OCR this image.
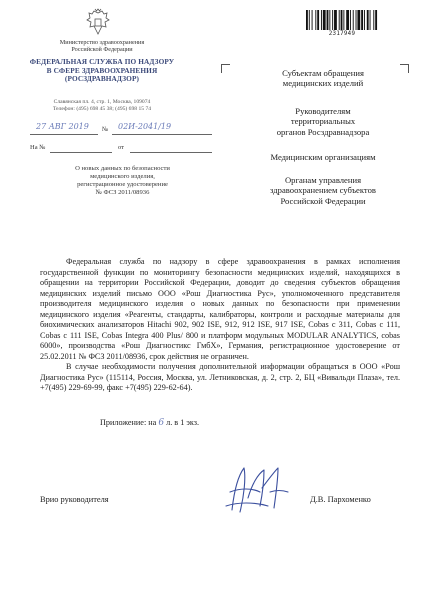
Министерство здравоохранения
Российской Федерации
ФЕДЕРАЛЬНАЯ СЛУЖБА ПО НАДЗОРУ
В СФЕРЕ ЗДРАВООХРАНЕНИЯ
(РОСЗДРАВНАДЗОР)
Славянская пл. 4, стр. 1, Москва, 109074
Телефон: (495) 698 45 38; (495) 698 15 74
27 АВГ 2019 № 02И-2041/19
На №	от
О новых данных по безопасности
медицинского изделия,
регистрационное удостоверение
№ ФСЗ 2011/08936
2317949
Субъектам обращения
медицинских изделий
Руководителям
территориальных
органов Росздравнадзора
Медицинским организациям
Органам управления
здравоохранением субъектов
Российской Федерации

Федеральная служба по надзору в сфере здравоохранения в рамках исполнения государственной функции по мониторингу безопасности медицинских изделий, находящихся в обращении на территории Российской Федерации, доводит до сведения субъектов обращения медицинских изделий письмо ООО «Рош Диагностика Рус», уполномоченного представителя производителя медицинского изделия о новых данных по безопасности при применении медицинского изделия «Реагенты, стандарты, калибраторы, контроли и расходные материалы для биохимических анализаторов Hitachi 902, 902 ISE, 912, 912 ISE, 917 ISE, Cobas c 311, Cobas c 111, Cobas c 111 ISE, Cobas Integra 400 Plus/ 800 и платформ модульных MODULAR ANALYTICS, cobas 6000», производства «Рош Диагностикс ГмбХ», Германия, регистрационное удостоверение от 25.02.2011 № ФСЗ 2011/08936, срок действия не ограничен.

В случае необходимости получения дополнительной информации обращаться в ООО «Рош Диагностика Рус» (115114, Россия, Москва, ул. Летниковская, д. 2, стр. 2, БЦ «Вивальди Плаза», тел. +7(495) 229-69-99, факс +7(495) 229-62-64).

Приложение: на 6 л. в 1 экз.
Врио руководителя	Д.В. Пархоменко
